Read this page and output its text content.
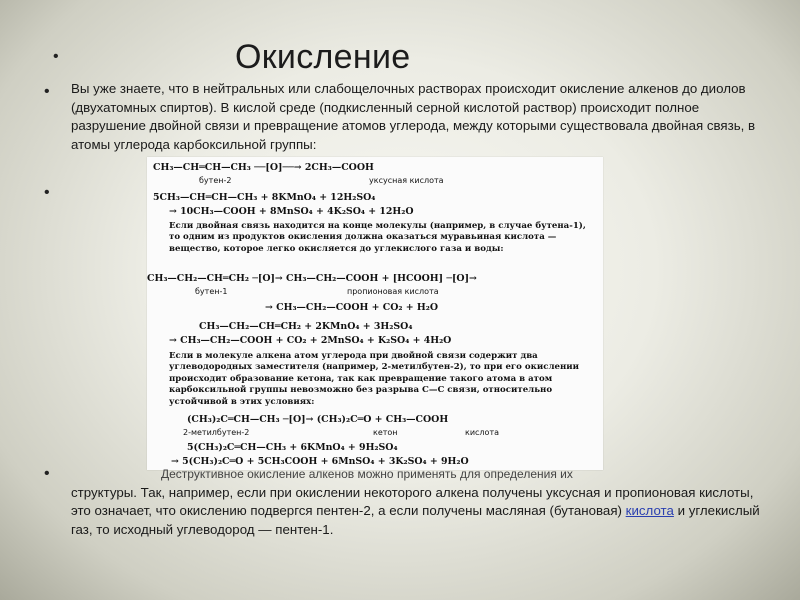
•	Окисление
• Вы уже знаете, что в нейтральных или слабощелочных растворах происходит окисление алкенов до диолов (двухатомных спиртов). В кислой среде (подкисленный серной кислотой раствор) происходит полное разрушение двойной связи и превращение атомов углерода, между которыми существовала двойная связь, в атомы углерода карбоксильной группы:
•
CH₃—CH═CH—CH₃ ──[O]──→ 2CH₃—COOH
бутен-2	уксусная кислота
5CH₃—CH═CH—CH₃ + 8KMnO₄ + 12H₂SO₄
→ 10CH₃—COOH + 8MnSO₄ + 4K₂SO₄ + 12H₂O
Если двойная связь находится на конце молекулы (например, в случае бутена-1), то одним из продуктов окисления должна оказаться муравьиная кислота — вещество, которое легко окисляется до углекислого газа и воды:
CH₃—CH₂—CH═CH₂ ─[O]→ CH₃—CH₂—COOH + [HCOOH] ─[O]→
бутен-1	пропионовая кислота
→ CH₃—CH₂—COOH + CO₂ + H₂O
CH₃—CH₂—CH═CH₂ + 2KMnO₄ + 3H₂SO₄
→ CH₃—CH₂—COOH + CO₂ + 2MnSO₄ + K₂SO₄ + 4H₂O
Если в молекуле алкена атом углерода при двойной связи содержит два углеводородных заместителя (например, 2-метилбутен-2), то при его окислении происходит образование кетона, так как превращение такого атома в атом карбоксильной группы невозможно без разрыва C—C связи, относительно устойчивой в этих условиях:
(CH₃)₂C═CH—CH₃ ─[O]→ (CH₃)₂C═O + CH₃—COOH
2-метилбутен-2	кетон	кислота
5(CH₃)₂C═CH—CH₃ + 6KMnO₄ + 9H₂SO₄
→ 5(CH₃)₂C═O + 5CH₃COOH + 6MnSO₄ + 3K₂SO₄ + 9H₂O
•	Деструктивное окисление алкенов можно применять для определения их
структуры. Так, например, если при окислении некоторого алкена получены уксусная и пропионовая кислоты, это означает, что окислению подвергся пентен-2, а если получены масляная (бутановая) кислота и углекислый газ, то исходный углеводород — пентен-1.
